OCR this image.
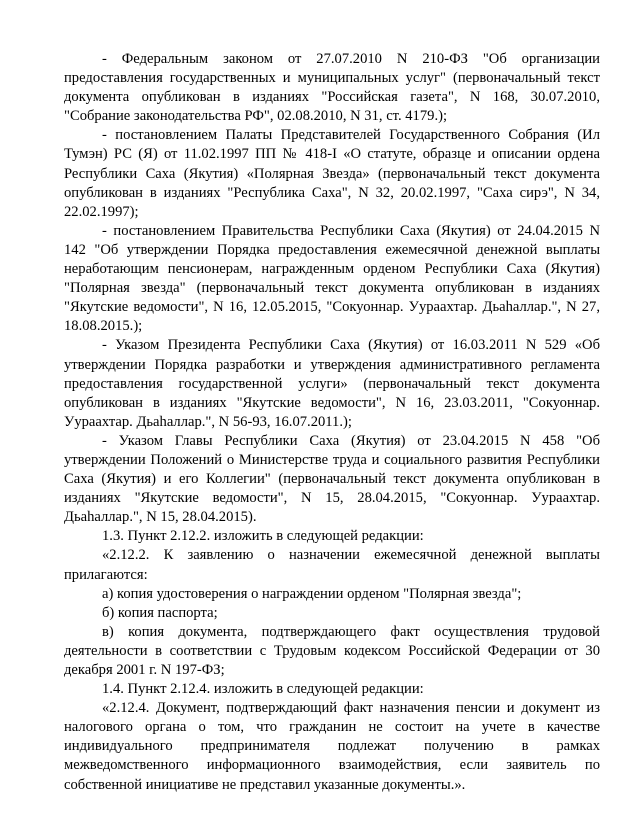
- Федеральным законом от 27.07.2010 N 210-ФЗ "Об организации предоставления государственных и муниципальных услуг" (первоначальный текст документа опубликован в изданиях "Российская газета", N 168, 30.07.2010, "Собрание законодательства РФ", 02.08.2010, N 31, ст. 4179.);

- постановлением Палаты Представителей Государственного Собрания (Ил Тумэн) РС (Я) от 11.02.1997 ПП № 418-I «О статуте, образце и описании ордена Республики Саха (Якутия) «Полярная Звезда» (первоначальный текст документа опубликован в изданиях "Республика Саха", N 32, 20.02.1997, "Саха сирэ", N 34, 22.02.1997);

- постановлением Правительства Республики Саха (Якутия) от 24.04.2015 N 142 "Об утверждении Порядка предоставления ежемесячной денежной выплаты неработающим пенсионерам, награжденным орденом Республики Саха (Якутия) "Полярная звезда" (первоначальный текст документа опубликован в изданиях "Якутские ведомости", N 16, 12.05.2015, "Сокуоннар. Уураахтар. Дьаһаллар.", N 27, 18.08.2015.);

- Указом Президента Республики Саха (Якутия) от 16.03.2011 N 529 «Об утверждении Порядка разработки и утверждения административного регламента предоставления государственной услуги» (первоначальный текст документа опубликован в изданиях "Якутские ведомости", N 16, 23.03.2011, "Сокуоннар. Уураахтар. Дьаһаллар.", N 56-93, 16.07.2011.);

- Указом Главы Республики Саха (Якутия) от 23.04.2015 N 458 "Об утверждении Положений о Министерстве труда и социального развития Республики Саха (Якутия) и его Коллегии" (первоначальный текст документа опубликован в изданиях "Якутские ведомости", N 15, 28.04.2015, "Сокуоннар. Уураахтар. Дьаһаллар.", N 15, 28.04.2015).

1.3. Пункт 2.12.2. изложить в следующей редакции:

«2.12.2. К заявлению о назначении ежемесячной денежной выплаты прилагаются:

а) копия удостоверения о награждении орденом "Полярная звезда";

б) копия паспорта;

в) копия документа, подтверждающего факт осуществления трудовой деятельности в соответствии с Трудовым кодексом Российской Федерации от 30 декабря 2001 г. N 197-ФЗ;

1.4. Пункт 2.12.4. изложить в следующей редакции:

«2.12.4. Документ, подтверждающий факт назначения пенсии и документ из налогового органа о том, что гражданин не состоит на учете в качестве индивидуального предпринимателя подлежат получению в рамках межведомственного информационного взаимодействия, если заявитель по собственной инициативе не представил указанные документы.».
